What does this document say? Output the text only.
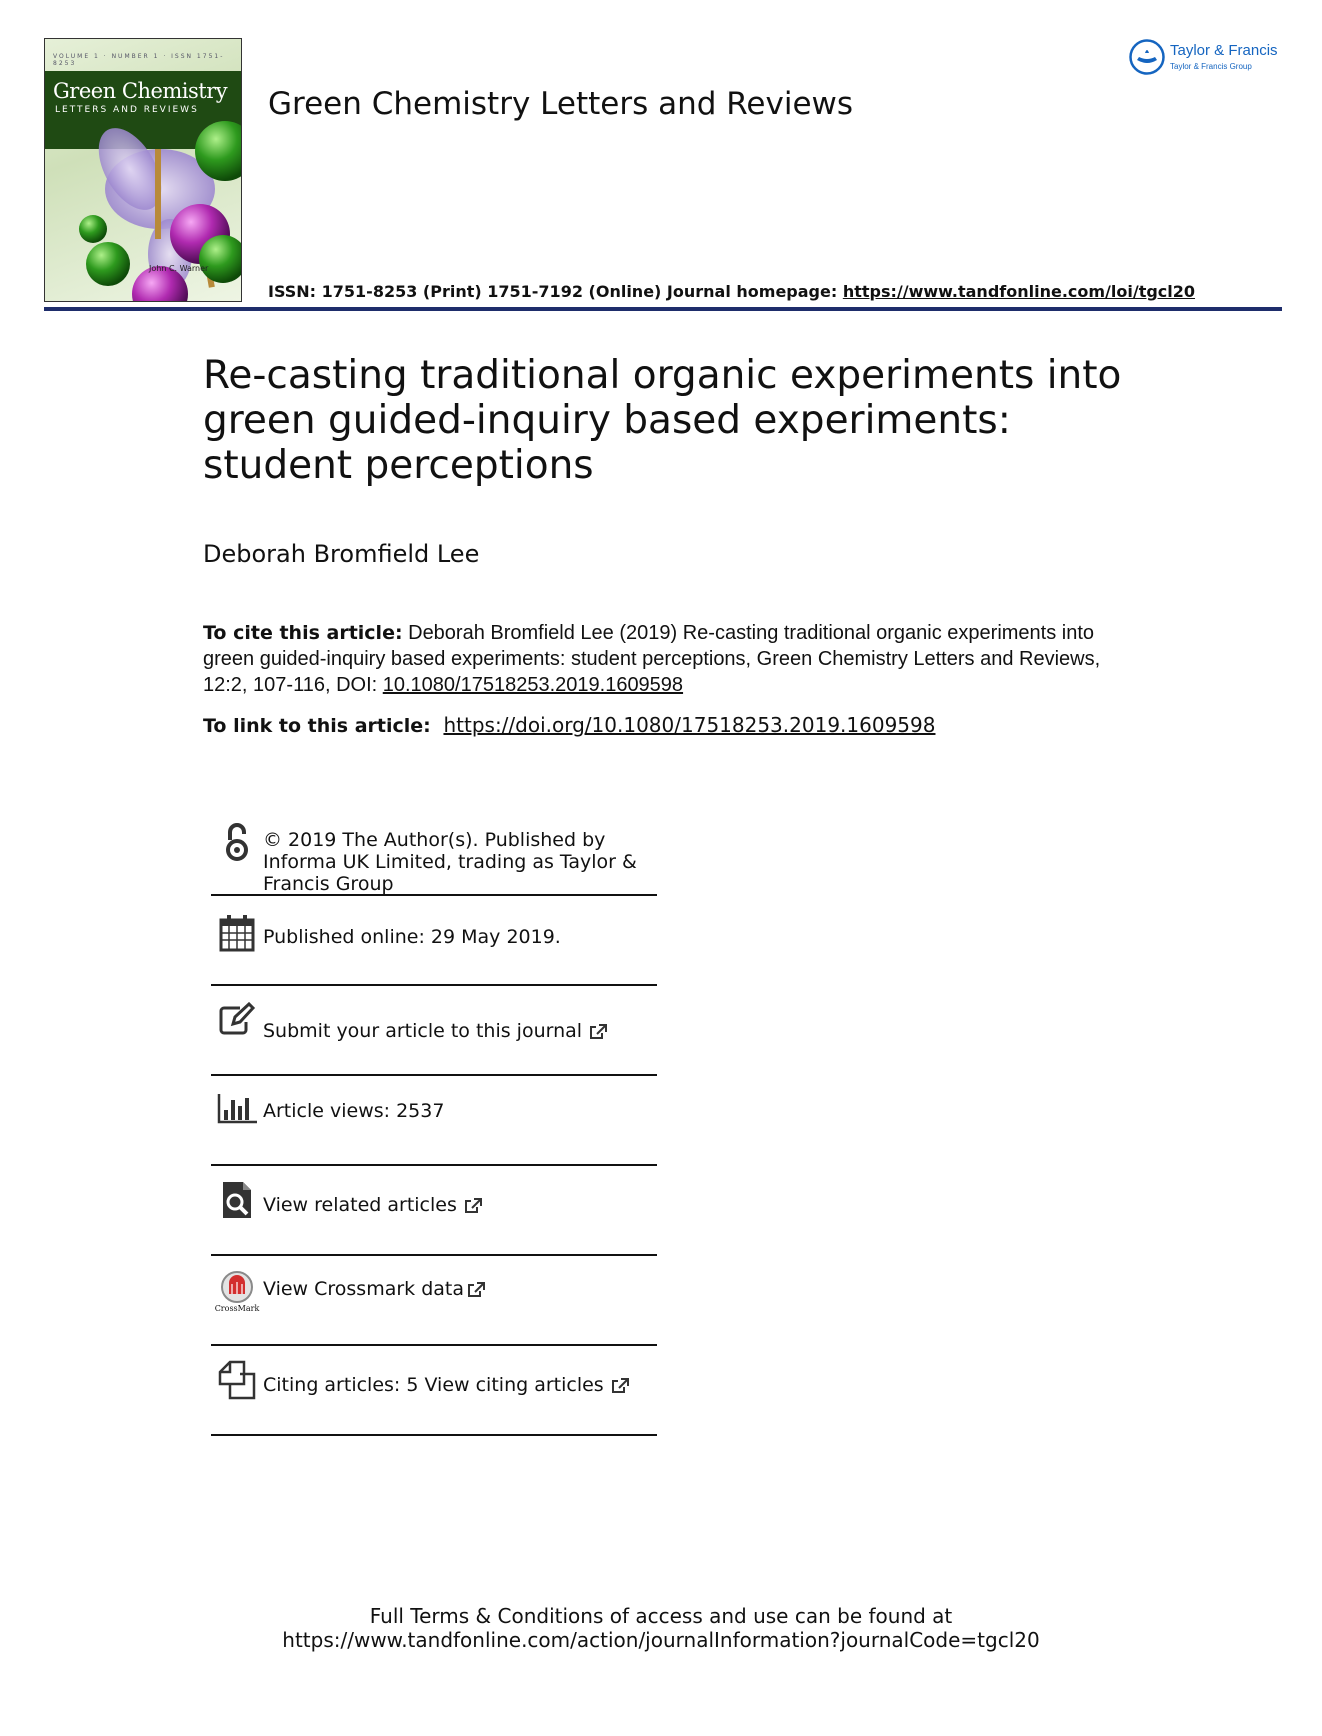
VOLUME 1 · NUMBER 1 · ISSN 1751-8253
Green Chemistry
LETTERS AND REVIEWS
John C. Warner
Green Chemistry Letters and Reviews
Taylor & Francis
Taylor & Francis Group
ISSN: 1751-8253 (Print) 1751-7192 (Online) Journal homepage: https://www.tandfonline.com/loi/tgcl20
Re-casting traditional organic experiments into green guided-inquiry based experiments: student perceptions
Deborah Bromfield Lee
To cite this article: Deborah Bromfield Lee (2019) Re-casting traditional organic experiments into green guided-inquiry based experiments: student perceptions, Green Chemistry Letters and Reviews, 12:2, 107-116, DOI: 10.1080/17518253.2019.1609598
To link to this article: https://doi.org/10.1080/17518253.2019.1609598
© 2019 The Author(s). Published by Informa UK Limited, trading as Taylor & Francis Group
Published online: 29 May 2019.
Submit your article to this journal
Article views: 2537
View related articles
CrossMark
View Crossmark data
Citing articles: 5 View citing articles
Full Terms & Conditions of access and use can be found at
https://www.tandfonline.com/action/journalInformation?journalCode=tgcl20
